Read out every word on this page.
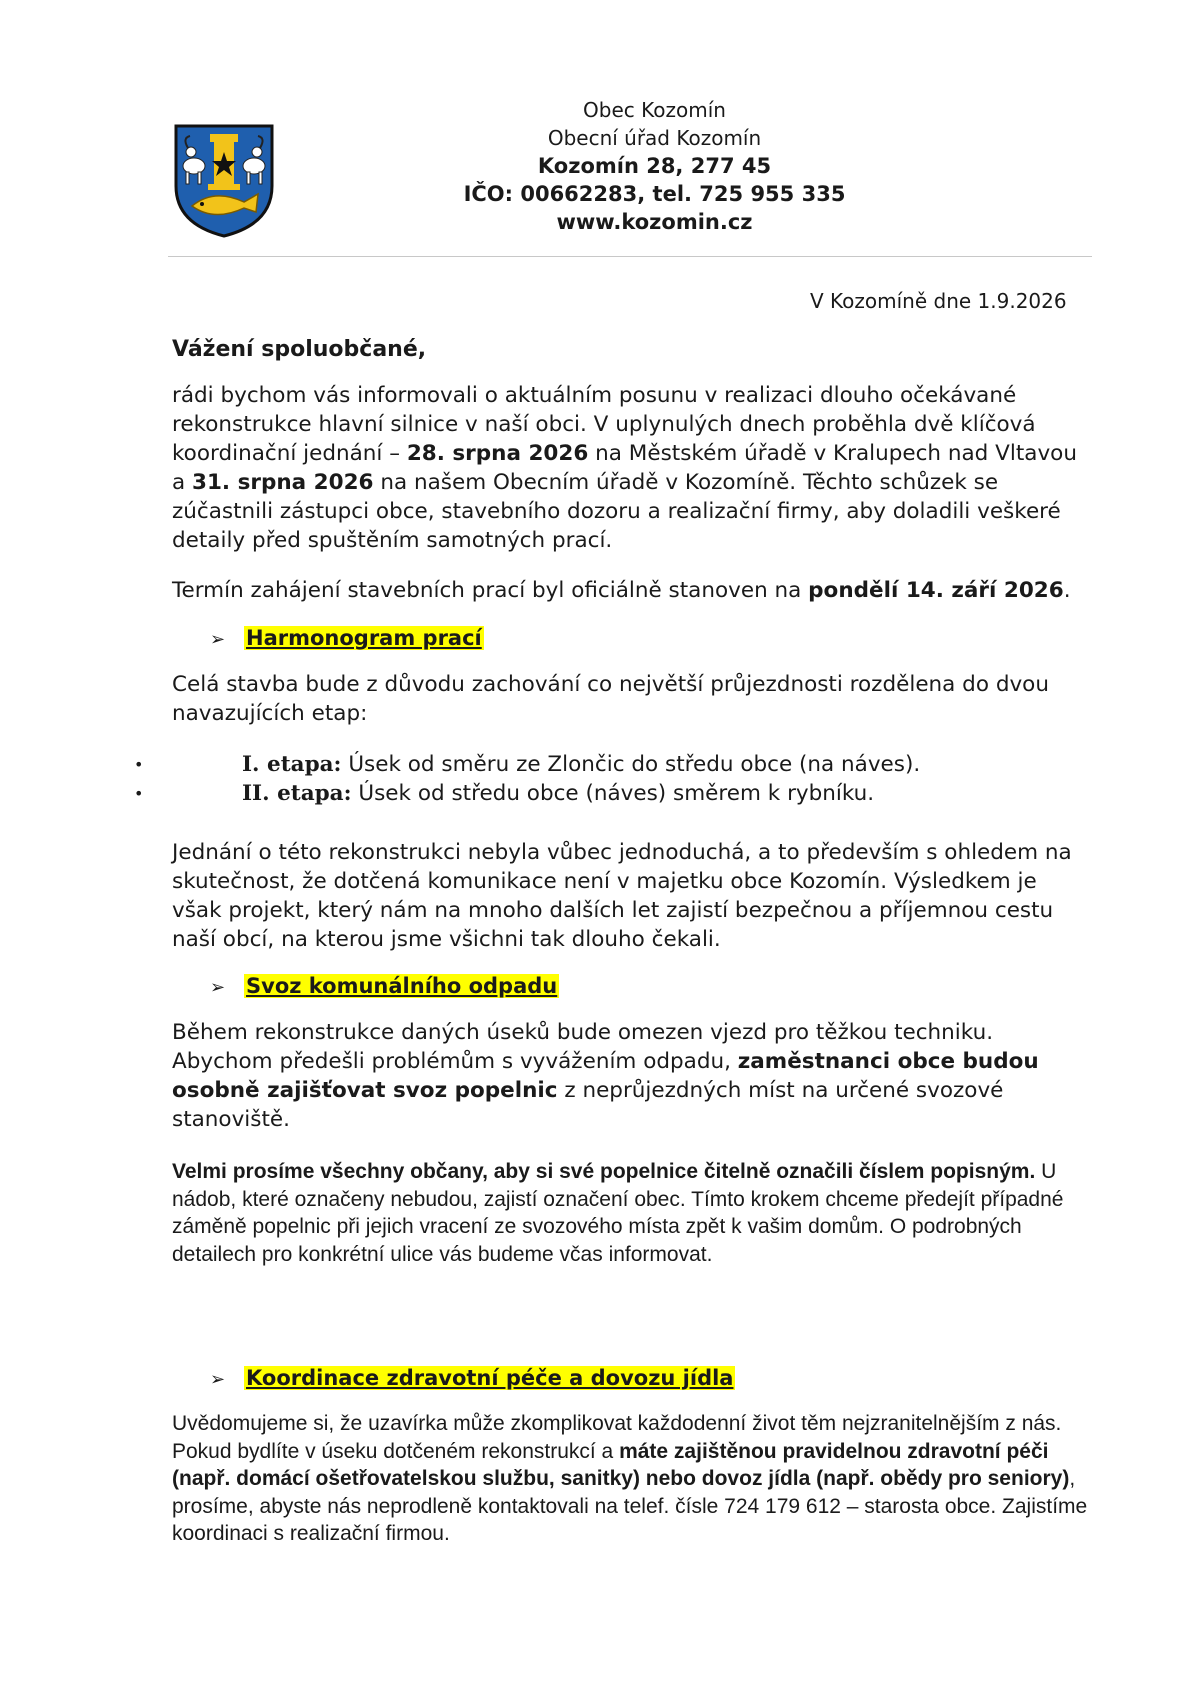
Obec Kozomín
Obecní úřad Kozomín
Kozomín 28, 277 45
IČO: 00662283, tel. 725 955 335
www.kozomin.cz
V Kozomíně dne 1.9.2026
Vážení spoluobčané,
rádi bychom vás informovali o aktuálním posunu v realizaci dlouho očekávané rekonstrukce hlavní silnice v naší obci. V uplynulých dnech proběhla dvě klíčová koordinační jednání – 28. srpna 2026 na Městském úřadě v Kralupech nad Vltavou a 31. srpna 2026 na našem Obecním úřadě v Kozomíně. Těchto schůzek se zúčastnili zástupci obce, stavebního dozoru a realizační firmy, aby doladili veškeré detaily před spuštěním samotných prací.
Termín zahájení stavebních prací byl oficiálně stanoven na pondělí 14. září 2026.
➢ Harmonogram prací
Celá stavba bude z důvodu zachování co největší průjezdnosti rozdělena do dvou navazujících etap:
•	I. etapa: Úsek od směru ze Zlončic do středu obce (na náves).
•	II. etapa: Úsek od středu obce (náves) směrem k rybníku.
Jednání o této rekonstrukci nebyla vůbec jednoduchá, a to především s ohledem na skutečnost, že dotčená komunikace není v majetku obce Kozomín. Výsledkem je však projekt, který nám na mnoho dalších let zajistí bezpečnou a příjemnou cestu naší obcí, na kterou jsme všichni tak dlouho čekali.
➢ Svoz komunálního odpadu
Během rekonstrukce daných úseků bude omezen vjezd pro těžkou techniku. Abychom předešli problémům s vyvážením odpadu, zaměstnanci obce budou osobně zajišťovat svoz popelnic z neprůjezdných míst na určené svozové stanoviště.
Velmi prosíme všechny občany, aby si své popelnice čitelně označili číslem popisným. U nádob, které označeny nebudou, zajistí označení obec. Tímto krokem chceme předejít případné záměně popelnic při jejich vracení ze svozového místa zpět k vašim domům. O podrobných detailech pro konkrétní ulice vás budeme včas informovat.
➢ Koordinace zdravotní péče a dovozu jídla
Uvědomujeme si, že uzavírka může zkomplikovat každodenní život těm nejzranitelnějším z nás. Pokud bydlíte v úseku dotčeném rekonstrukcí a máte zajištěnou pravidelnou zdravotní péči (např. domácí ošetřovatelskou službu, sanitky) nebo dovoz jídla (např. obědy pro seniory), prosíme, abyste nás neprodleně kontaktovali na telef. čísle 724 179 612 – starosta obce. Zajistíme koordinaci s realizační firmou.
